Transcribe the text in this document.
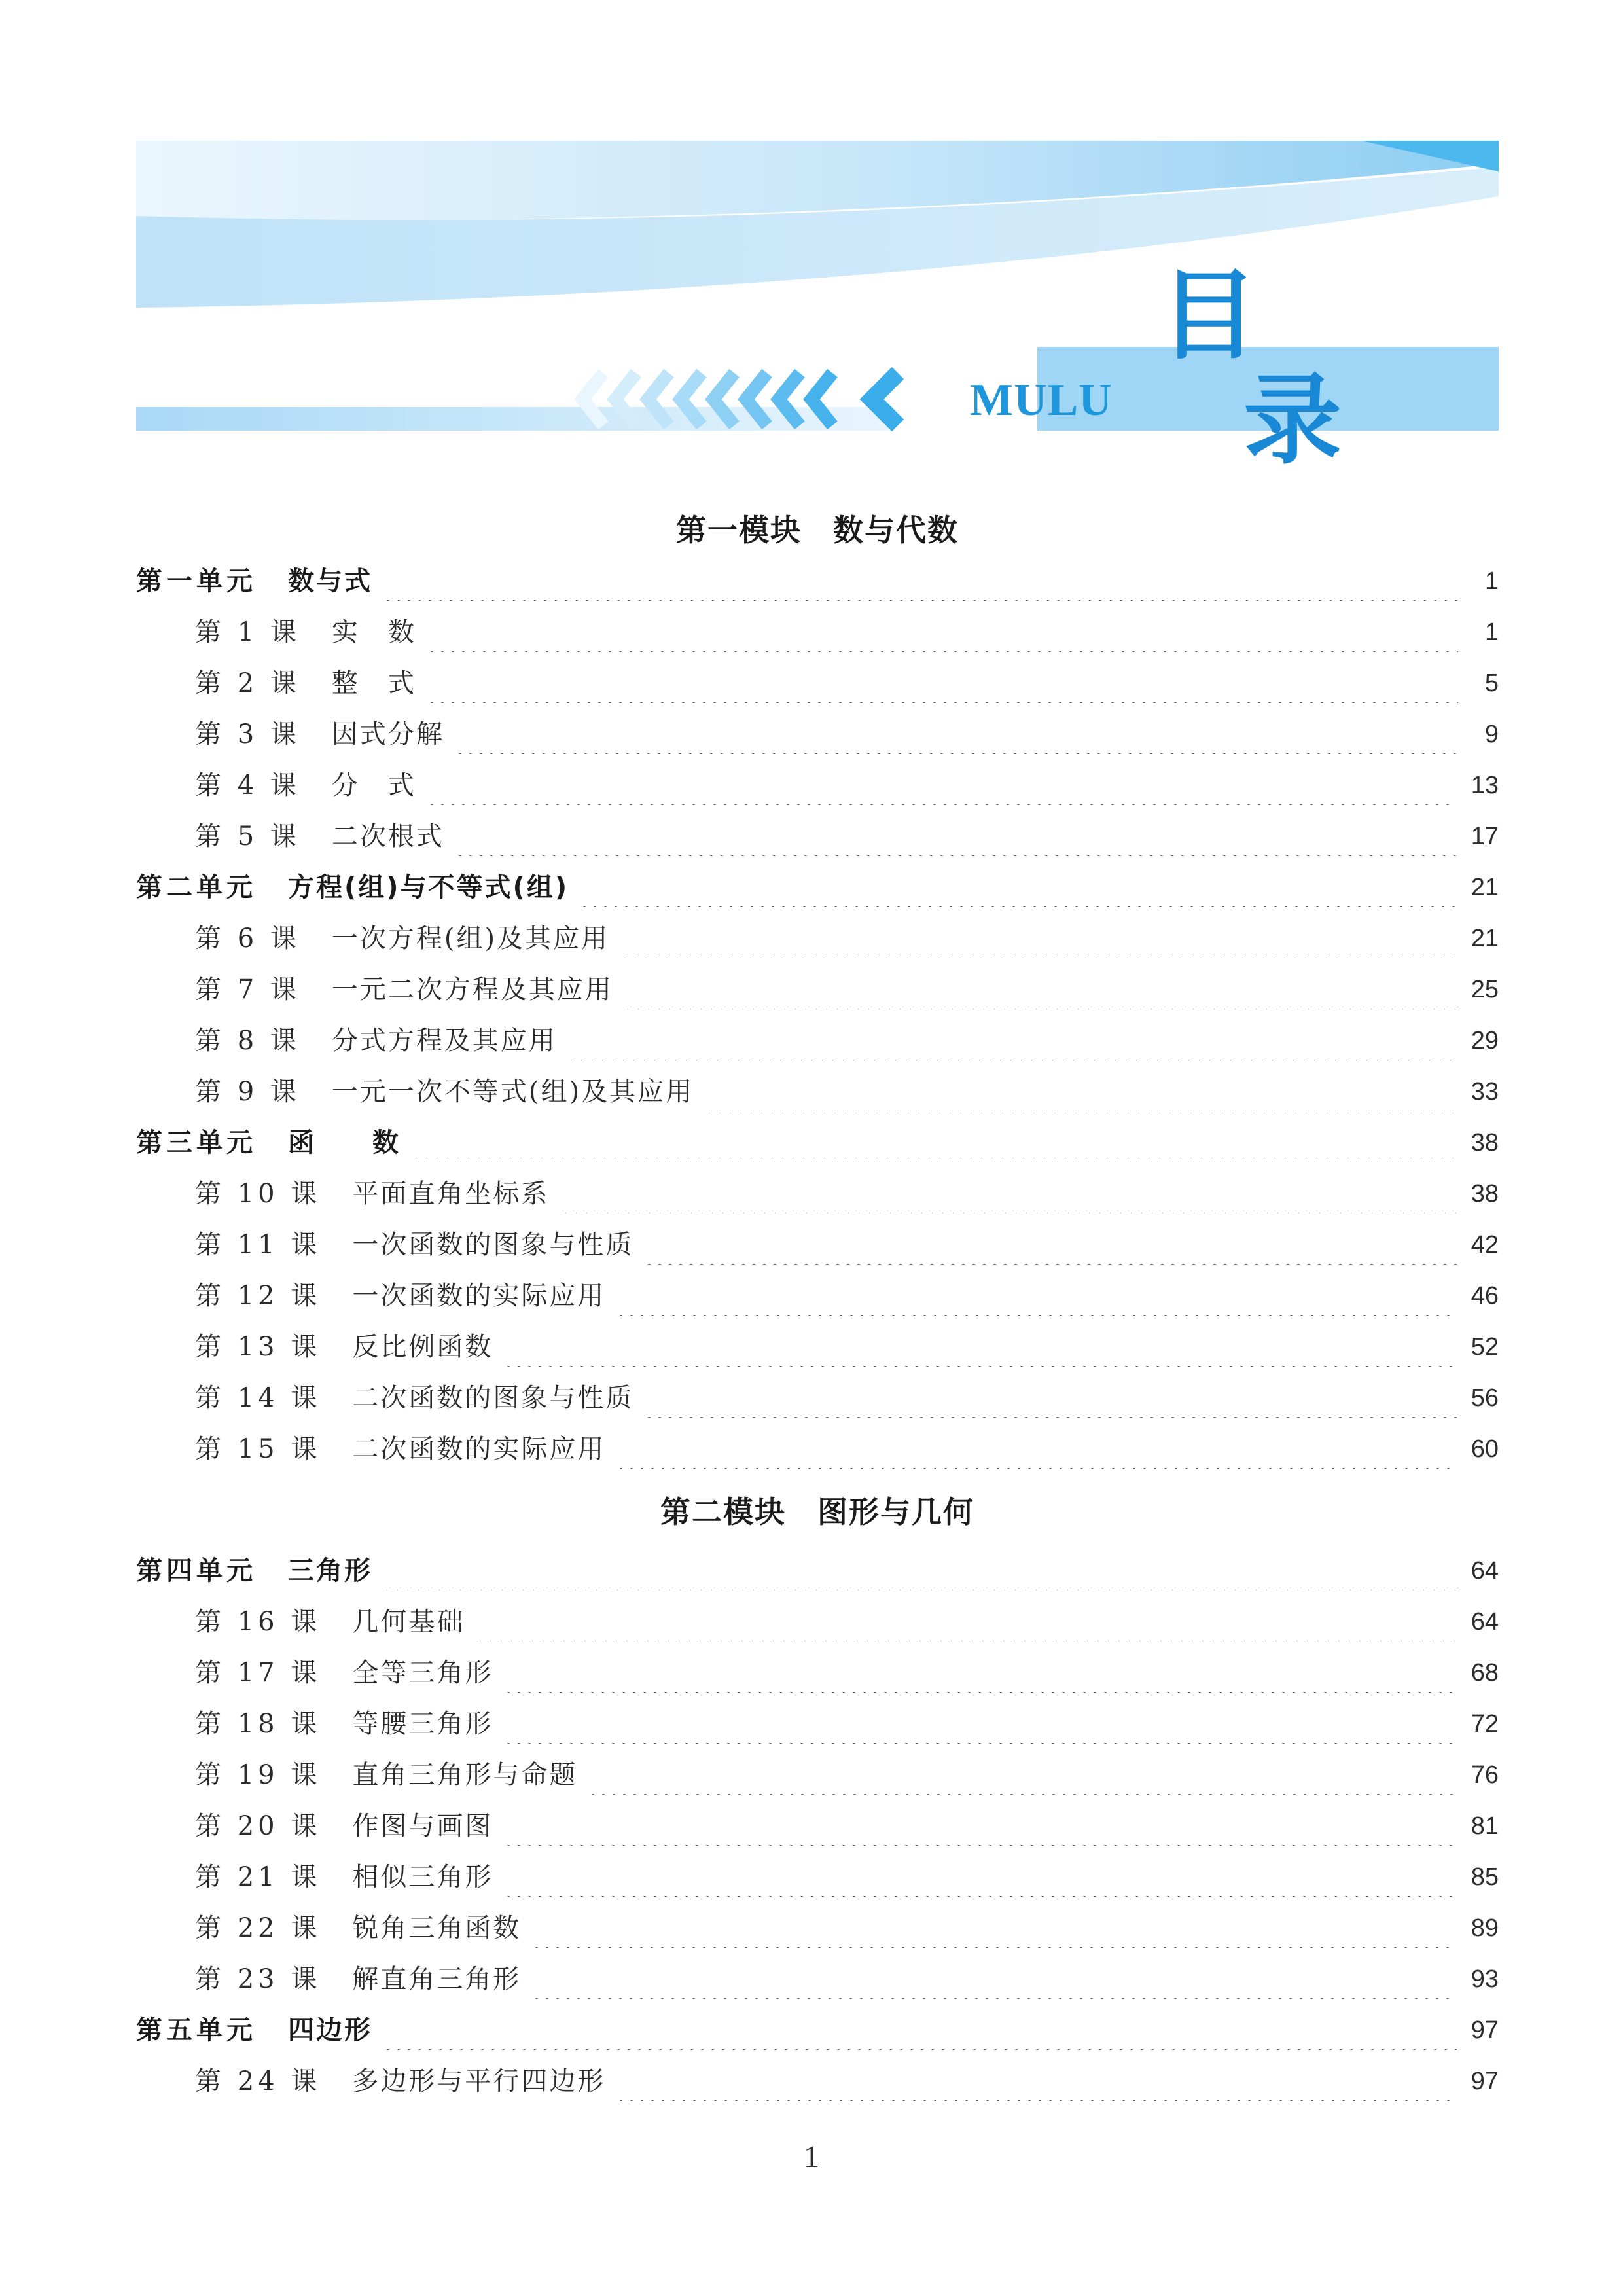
MULU
目
录
第一模块　数与代数
第一单元 数与式	1
第 1 课 实　数	1
第 2 课 整　式	5
第 3 课 因式分解	9
第 4 课 分　式	13
第 5 课 二次根式	17
第二单元 方程(组)与不等式(组)	21
第 6 课 一次方程(组)及其应用	21
第 7 课 一元二次方程及其应用	25
第 8 课 分式方程及其应用	29
第 9 课 一元一次不等式(组)及其应用	33
第三单元 函　　数	38
第 10 课 平面直角坐标系	38
第 11 课 一次函数的图象与性质	42
第 12 课 一次函数的实际应用	46
第 13 课 反比例函数	52
第 14 课 二次函数的图象与性质	56
第 15 课 二次函数的实际应用	60
第二模块　图形与几何
第四单元 三角形	64
第 16 课 几何基础	64
第 17 课 全等三角形	68
第 18 课 等腰三角形	72
第 19 课 直角三角形与命题	76
第 20 课 作图与画图	81
第 21 课 相似三角形	85
第 22 课 锐角三角函数	89
第 23 课 解直角三角形	93
第五单元 四边形	97
第 24 课 多边形与平行四边形	97
1
